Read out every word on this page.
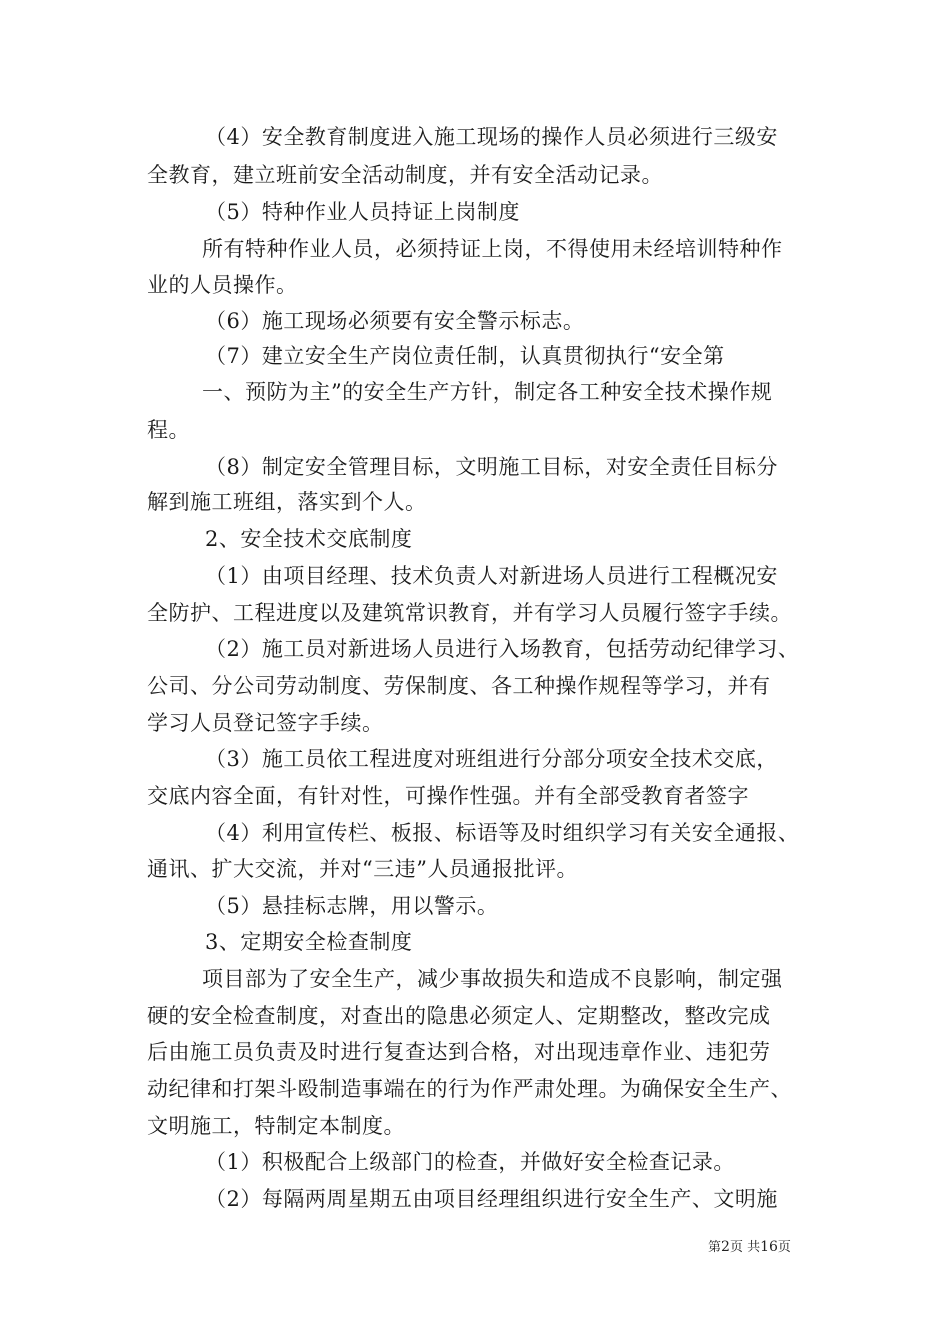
（4）安全教育制度进入施工现场的操作人员必须进行三级安

全教育，建立班前安全活动制度，并有安全活动记录。

（5）特种作业人员持证上岗制度

所有特种作业人员，必须持证上岗，不得使用未经培训特种作

业的人员操作。

（6）施工现场必须要有安全警示标志。

（7）建立安全生产岗位责任制，认真贯彻执行“安全第

一、预防为主”的安全生产方针，制定各工种安全技术操作规

程。

（8）制定安全管理目标，文明施工目标，对安全责任目标分

解到施工班组，落实到个人。

2、安全技术交底制度

（1）由项目经理、技术负责人对新进场人员进行工程概况安

全防护、工程进度以及建筑常识教育，并有学习人员履行签字手续。

（2）施工员对新进场人员进行入场教育，包括劳动纪律学习、

公司、分公司劳动制度、劳保制度、各工种操作规程等学习，并有

学习人员登记签字手续。

（3）施工员依工程进度对班组进行分部分项安全技术交底，

交底内容全面，有针对性，可操作性强。并有全部受教育者签字

（4）利用宣传栏、板报、标语等及时组织学习有关安全通报、

通讯、扩大交流，并对“三违”人员通报批评。

（5）悬挂标志牌，用以警示。

3、定期安全检查制度

项目部为了安全生产，减少事故损失和造成不良影响，制定强

硬的安全检查制度，对查出的隐患必须定人、定期整改，整改完成

后由施工员负责及时进行复查达到合格，对出现违章作业、违犯劳

动纪律和打架斗殴制造事端在的行为作严肃处理。为确保安全生产、

文明施工，特制定本制度。

（1）积极配合上级部门的检查，并做好安全检查记录。

（2）每隔两周星期五由项目经理组织进行安全生产、文明施

第2页 共16页
